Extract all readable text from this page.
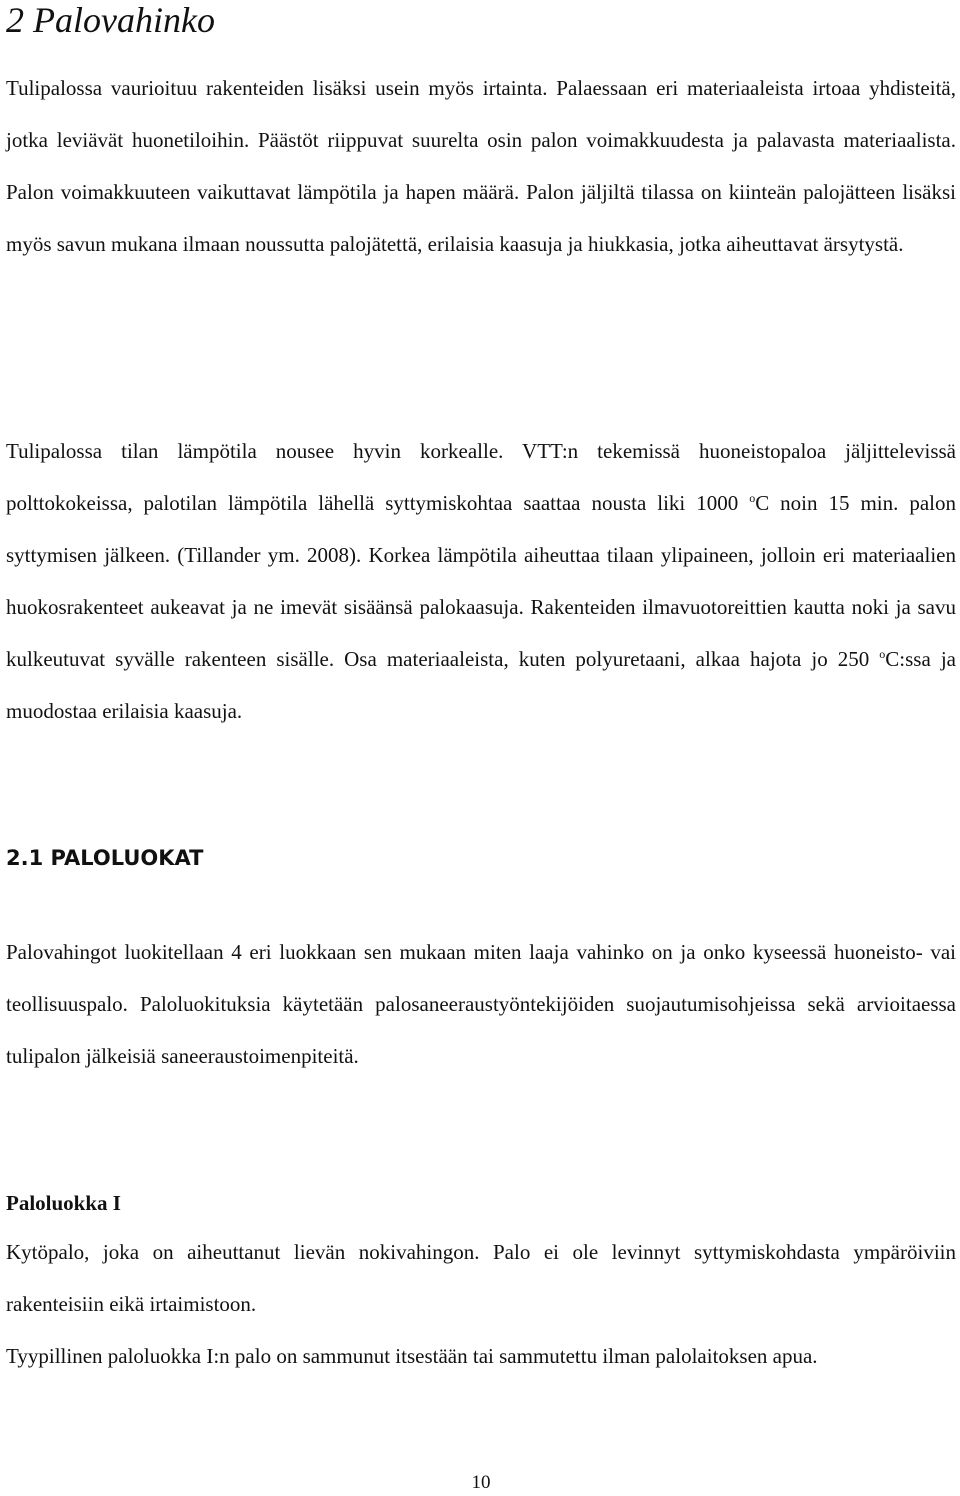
2 Palovahinko

Tulipalossa vaurioituu rakenteiden lisäksi usein myös irtainta. Palaessaan eri materiaaleista irtoaa yhdisteitä, jotka leviävät huonetiloihin. Päästöt riippuvat suurelta osin palon voimakkuudesta ja palavasta materiaalista. Palon voimakkuuteen vaikuttavat lämpötila ja hapen määrä. Palon jäljiltä tilassa on kiinteän palojätteen lisäksi myös savun mukana ilmaan noussutta palojätettä, erilaisia kaasuja ja hiukkasia, jotka aiheuttavat ärsytystä.

Tulipalossa tilan lämpötila nousee hyvin korkealle. VTT:n tekemissä huoneistopaloa jäljittelevissä polttokokeissa, palotilan lämpötila lähellä syttymiskohtaa saattaa nousta liki 1000 $^o$C noin 15 min. palon syttymisen jälkeen. (Tillander ym. 2008). Korkea lämpötila aiheuttaa tilaan ylipaineen, jolloin eri materiaalien huokosrakenteet aukeavat ja ne imevät sisäänsä palokaasuja. Rakenteiden ilmavuotoreittien kautta noki ja savu kulkeutuvat syvälle rakenteen sisälle. Osa materiaaleista, kuten polyuretaani, alkaa hajota jo 250 $^o$C:ssa ja muodostaa erilaisia kaasuja.

2.1 PALOLUOKAT

Palovahingot luokitellaan 4 eri luokkaan sen mukaan miten laaja vahinko on ja onko kyseessä huoneisto- vai teollisuuspalo. Paloluokituksia käytetään palosaneeraustyöntekijöiden suojautumisohjeissa sekä arvioitaessa tulipalon jälkeisiä saneeraustoimenpiteitä.

Paloluokka I

Kytöpalo, joka on aiheuttanut lievän nokivahingon. Palo ei ole levinnyt syttymiskohdasta ympäröiviin rakenteisiin eikä irtaimistoon.

Tyypillinen paloluokka I:n palo on sammunut itsestään tai sammutettu ilman palolaitoksen apua.

10
